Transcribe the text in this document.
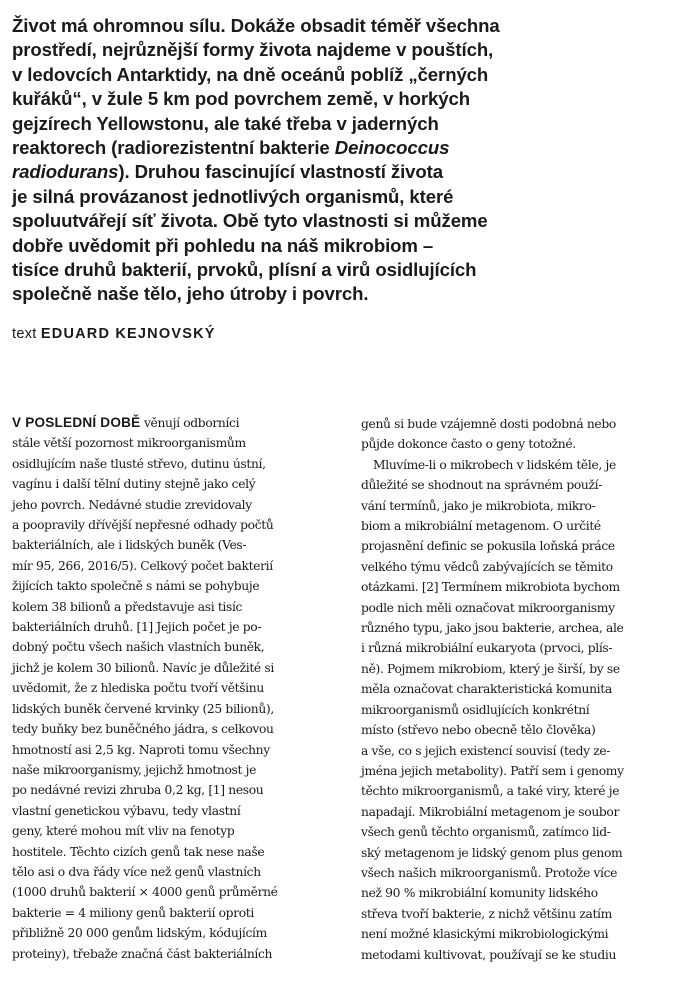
Život má ohromnou sílu. Dokáže obsadit téměř všechna
prostředí, nejrůznější formy života najdeme v pouštích,
v ledovcích Antarktidy, na dně oceánů poblíž „černých
kuřáků“, v žule 5 km pod povrchem země, v horkých
gejzírech Yellowstonu, ale také třeba v jaderných
reaktorech (radiorezistentní bakterie Deinococcus
radiodurans). Druhou fascinující vlastností života
je silná provázanost jednotlivých organismů, které
spoluutvářejí síť života. Obě tyto vlastnosti si můžeme
dobře uvědomit při pohledu na náš mikrobiom –
tisíce druhů bakterií, prvoků, plísní a virů osidlujících
společně naše tělo, jeho útroby i povrch.
text EDUARD KEJNOVSKÝ
V POSLEDNÍ DOBĚ věnují odborníci
stále větší pozornost mikroorganismům
osidlujícím naše tlusté střevo, dutinu ústní,
vagínu i další tělní dutiny stejně jako celý
jeho povrch. Nedávné studie zrevidovaly
a poopravily dřívější nepřesné odhady počtů
bakteriálních, ale i lidských buněk (Ves-
mír 95, 266, 2016/5). Celkový počet bakterií
žijících takto společně s námi se pohybuje
kolem 38 bilionů a představuje asi tisíc
bakteriálních druhů. [1] Jejich počet je po-
dobný počtu všech našich vlastních buněk,
jichž je kolem 30 bilionů. Navíc je důležité si
uvědomit, že z hlediska počtu tvoří většinu
lidských buněk červené krvinky (25 bilionů),
tedy buňky bez buněčného jádra, s celkovou
hmotností asi 2,5 kg. Naproti tomu všechny
naše mikroorganismy, jejichž hmotnost je
po nedávné revizi zhruba 0,2 kg, [1] nesou
vlastní genetickou výbavu, tedy vlastní
geny, které mohou mít vliv na fenotyp
hostitele. Těchto cizích genů tak nese naše
tělo asi o dva řády více než genů vlastních
(1000 druhů bakterií × 4000 genů průměrné
bakterie = 4 miliony genů bakterií oproti
přibližně 20 000 genům lidským, kódujícím
proteiny), třebaže značná část bakteriálních
genů si bude vzájemně dosti podobná nebo
půjde dokonce často o geny totožné.
Mluvíme-li o mikrobech v lidském těle, je
důležité se shodnout na správném použí-
vání termínů, jako je mikrobiota, mikro-
biom a mikrobiální metagenom. O určité
projasnění definic se pokusila loňská práce
velkého týmu vědců zabývajících se těmito
otázkami. [2] Termínem mikrobiota bychom
podle nich měli označovat mikroorganismy
různého typu, jako jsou bakterie, archea, ale
i různá mikrobiální eukaryota (prvoci, plís-
ně). Pojmem mikrobiom, který je širší, by se
měla označovat charakteristická komunita
mikroorganismů osidlujících konkrétní
místo (střevo nebo obecně tělo člověka)
a vše, co s jejich existencí souvisí (tedy ze-
jména jejich metabolity). Patří sem i genomy
těchto mikroorganismů, a také viry, které je
napadají. Mikrobiální metagenom je soubor
všech genů těchto organismů, zatímco lid-
ský metagenom je lidský genom plus genom
všech našich mikroorganismů. Protože více
než 90 % mikrobiální komunity lidského
střeva tvoří bakterie, z nichž většinu zatím
není možné klasickými mikrobiologickými
metodami kultivovat, používají se ke studiu
